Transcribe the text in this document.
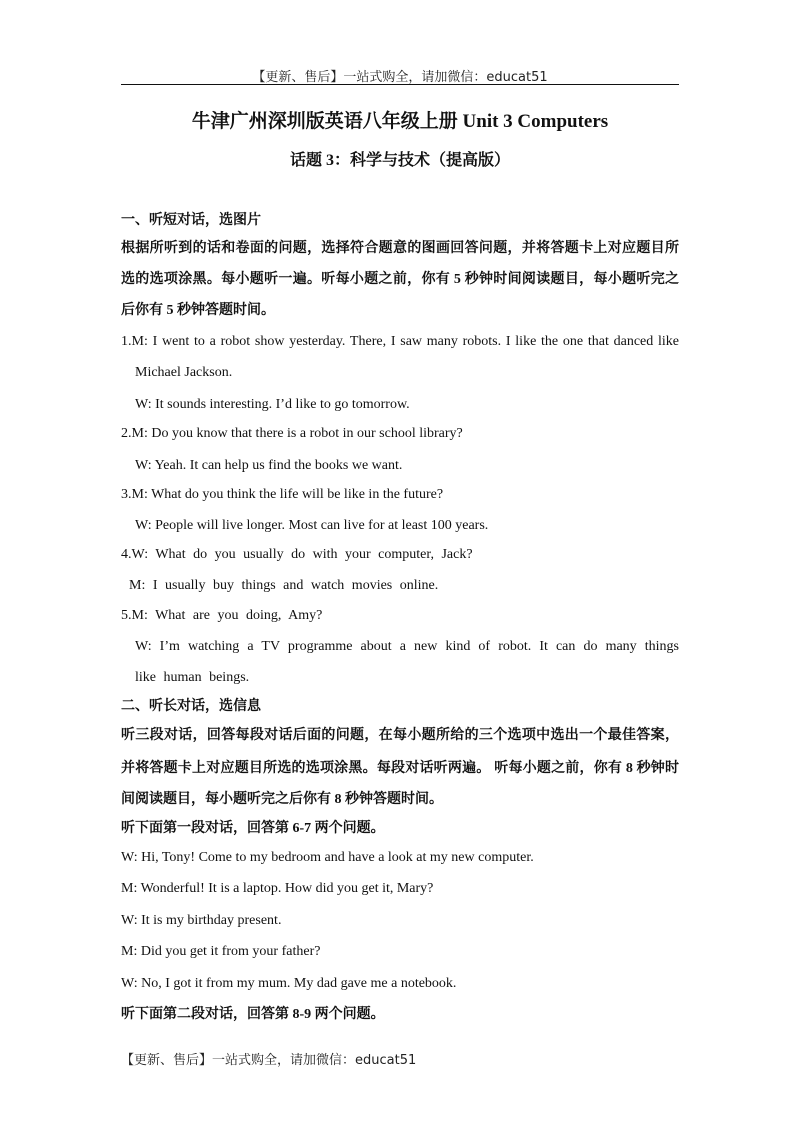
【更新、售后】一站式购全，请加微信：educat51
牛津广州深圳版英语八年级上册 Unit 3 Computers
话题 3：科学与技术（提高版）
一、听短对话，选图片
根据所听到的话和卷面的问题，选择符合题意的图画回答问题，并将答题卡上对应题目所
选的选项涂黑。每小题听一遍。听每小题之前，你有 5 秒钟时间阅读题目，每小题听完之
后你有 5 秒钟答题时间。
1.M: I went to a robot show yesterday. There, I saw many robots. I like the one that danced like
Michael Jackson.
W: It sounds interesting. I’d like to go tomorrow.
2.M: Do you know that there is a robot in our school library?
W: Yeah. It can help us find the books we want.
3.M: What do you think the life will be like in the future?
W: People will live longer. Most can live for at least 100 years.
4.W: What do you usually do with your computer, Jack?
M: I usually buy things and watch movies online.
5.M: What are you doing, Amy?
W: I’m watching a TV programme about a new kind of robot. It can do many things
like human beings.
二、听长对话，选信息
听三段对话，回答每段对话后面的问题，在每小题所给的三个选项中选出一个最佳答案，
并将答题卡上对应题目所选的选项涂黑。每段对话听两遍。 听每小题之前，你有 8 秒钟时
间阅读题目，每小题听完之后你有 8 秒钟答题时间。
听下面第一段对话，回答第 6-7 两个问题。
W: Hi, Tony! Come to my bedroom and have a look at my new computer.
M: Wonderful! It is a laptop. How did you get it, Mary?
W: It is my birthday present.
M: Did you get it from your father?
W: No, I got it from my mum. My dad gave me a notebook.
听下面第二段对话，回答第 8-9 两个问题。
【更新、售后】一站式购全，请加微信：educat51
